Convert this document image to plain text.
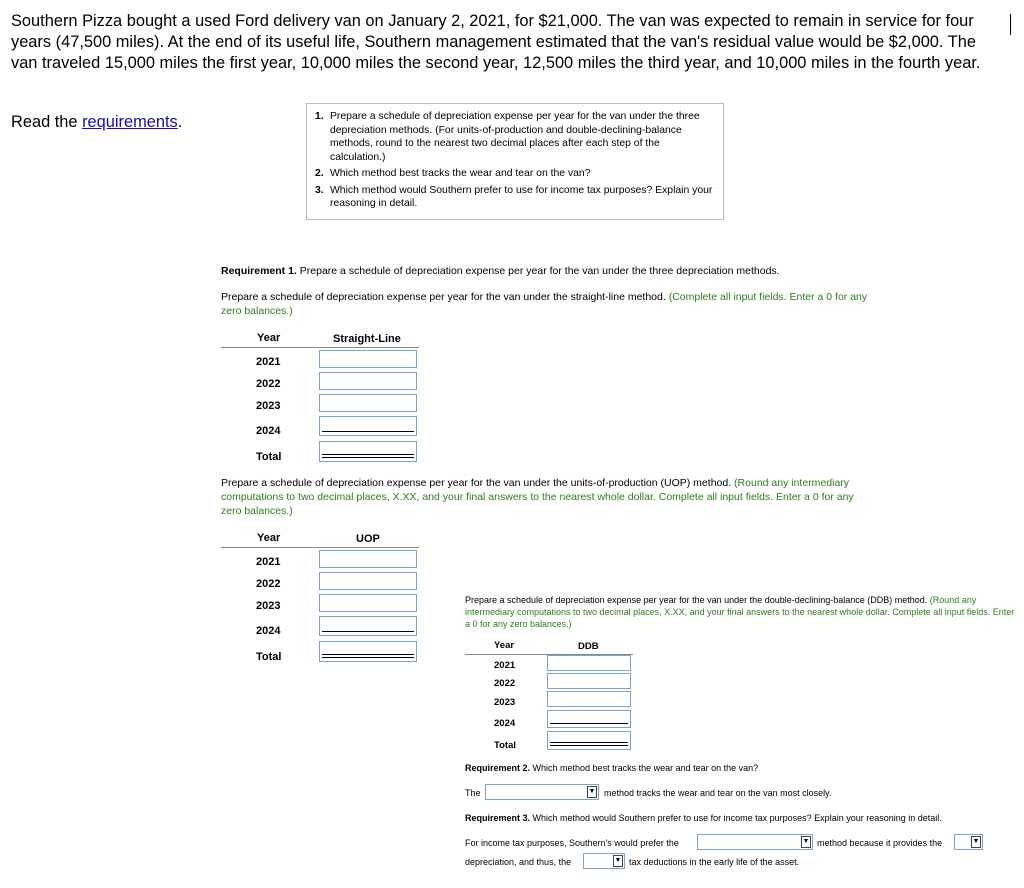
Southern Pizza bought a used Ford delivery van on January 2, 2021, for $21,000. The van was expected to remain in service for four years (47,500 miles). At the end of its useful life, Southern management estimated that the van's residual value would be $2,000. The van traveled 15,000 miles the first year, 10,000 miles the second year, 12,500 miles the third year, and 10,000 miles in the fourth year.

Read the requirements.	1. Prepare a schedule of depreciation expense per year for the van under the three depreciation methods. (For units-of-production and double-declining-balance methods, round to the nearest two decimal places after each step of the calculation.)
2. Which method best tracks the wear and tear on the van?
3. Which method would Southern prefer to use for income tax purposes? Explain your reasoning in detail.
Requirement 1. Prepare a schedule of depreciation expense per year for the van under the three depreciation methods.
Prepare a schedule of depreciation expense per year for the van under the straight-line method. (Complete all input fields. Enter a 0 for any zero balances.)
Year	Straight-Line
2021
2022
2023
2024
Total
Prepare a schedule of depreciation expense per year for the van under the units-of-production (UOP) method. (Round any intermediary computations to two decimal places, X.XX, and your final answers to the nearest whole dollar. Complete all input fields. Enter a 0 for any zero balances.)
Year	UOP
2021
2022
2023
2024
Total
Prepare a schedule of depreciation expense per year for the van under the double-declining-balance (DDB) method. (Round any intermediary computations to two decimal places, X.XX, and your final answers to the nearest whole dollar. Complete all input fields. Enter a 0 for any zero balances.)
Year	DDB
2021
2022
2023
2024
Total
Requirement 2. Which method best tracks the wear and tear on the van?
The	▼ method tracks the wear and tear on the van most closely.
Requirement 3. Which method would Southern prefer to use for income tax purposes? Explain your reasoning in detail.
For income tax purposes, Southern's would prefer the	▼ method because it provides the	▼
depreciation, and thus, the	▼ tax deductions in the early life of the asset.
